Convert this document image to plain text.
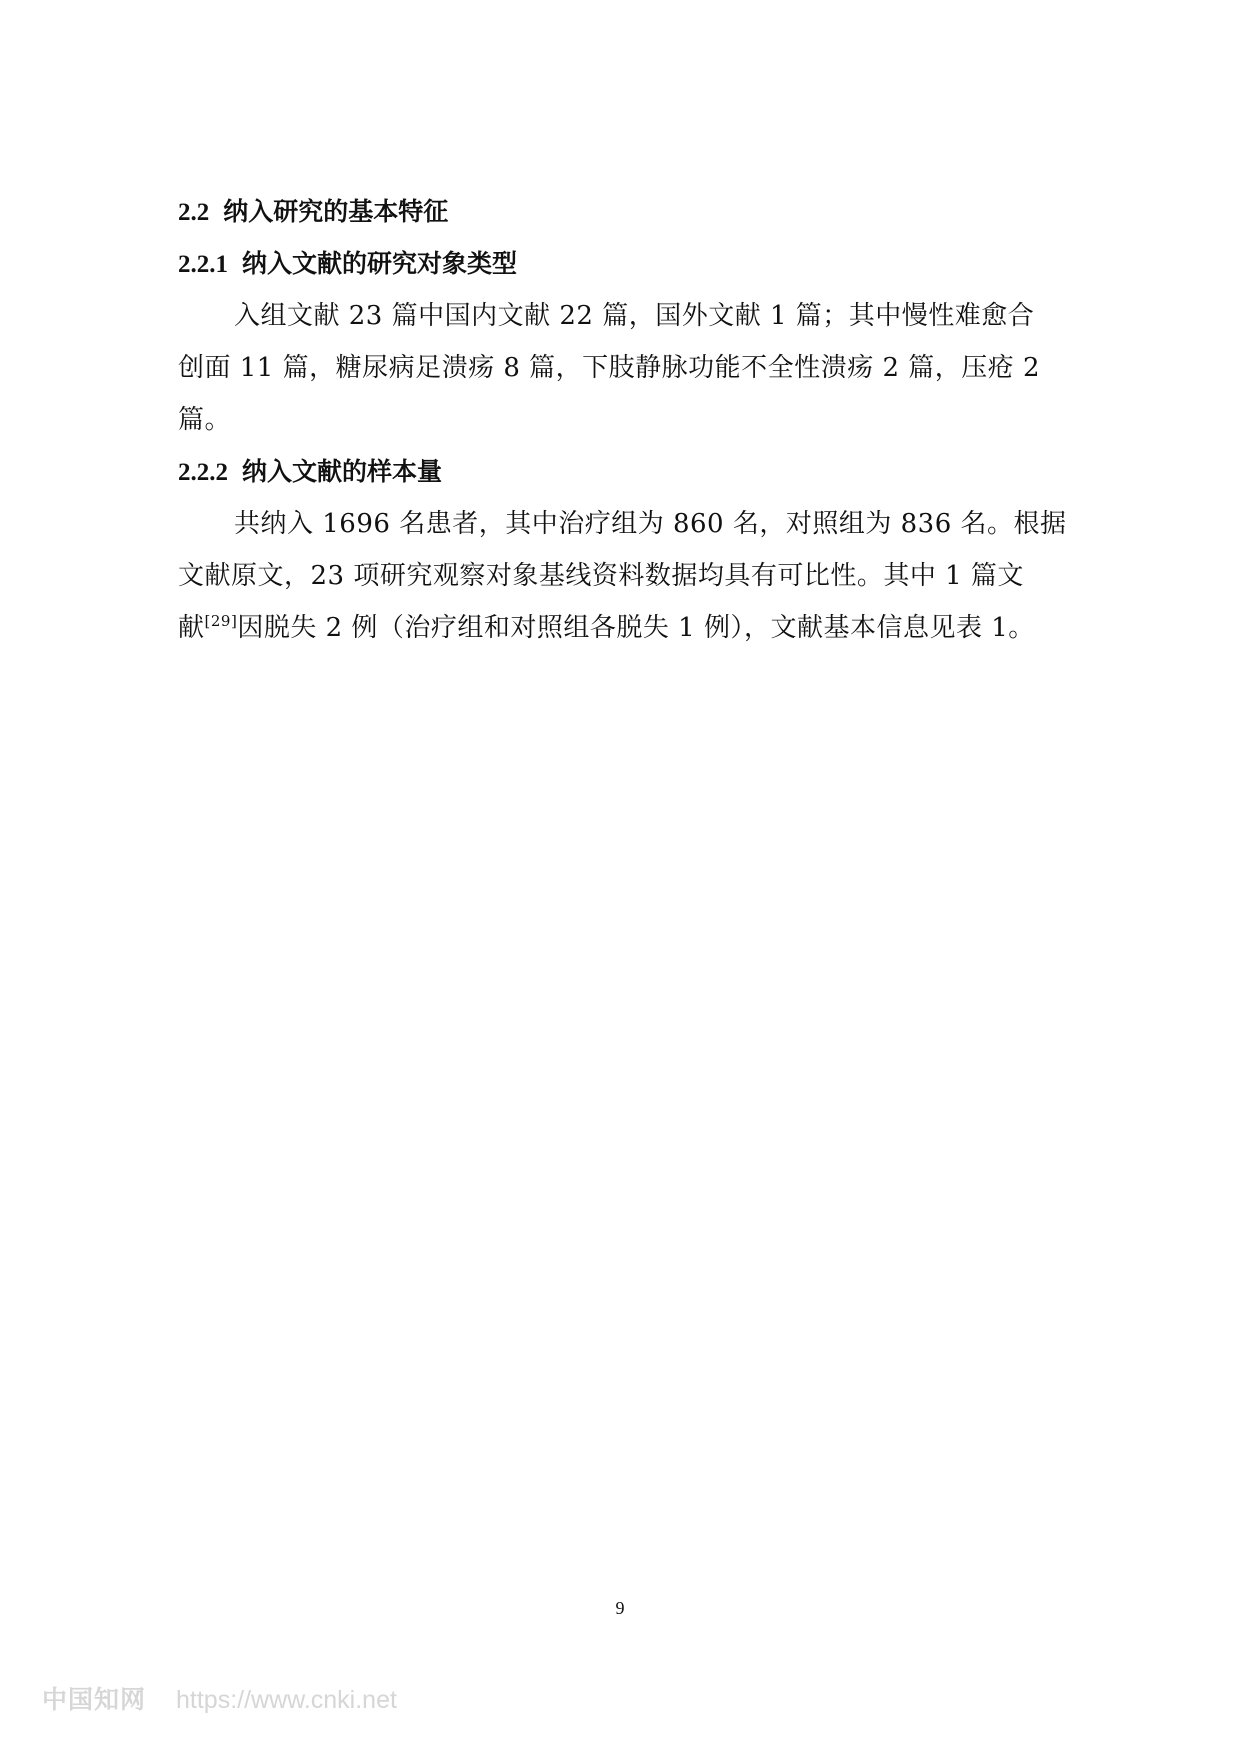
2.2 纳入研究的基本特征
2.2.1 纳入文献的研究对象类型
入组文献 23 篇中国内文献 22 篇，国外文献 1 篇；其中慢性难愈合
创面 11 篇，糖尿病足溃疡 8 篇，下肢静脉功能不全性溃疡 2 篇，压疮 2
篇。
2.2.2 纳入文献的样本量
共纳入 1696 名患者，其中治疗组为 860 名，对照组为 836 名。根据
文献原文，23 项研究观察对象基线资料数据均具有可比性。其中 1 篇文
献[29]因脱失 2 例（治疗组和对照组各脱失 1 例），文献基本信息见表 1。
9
中国知网 https://www.cnki.net
